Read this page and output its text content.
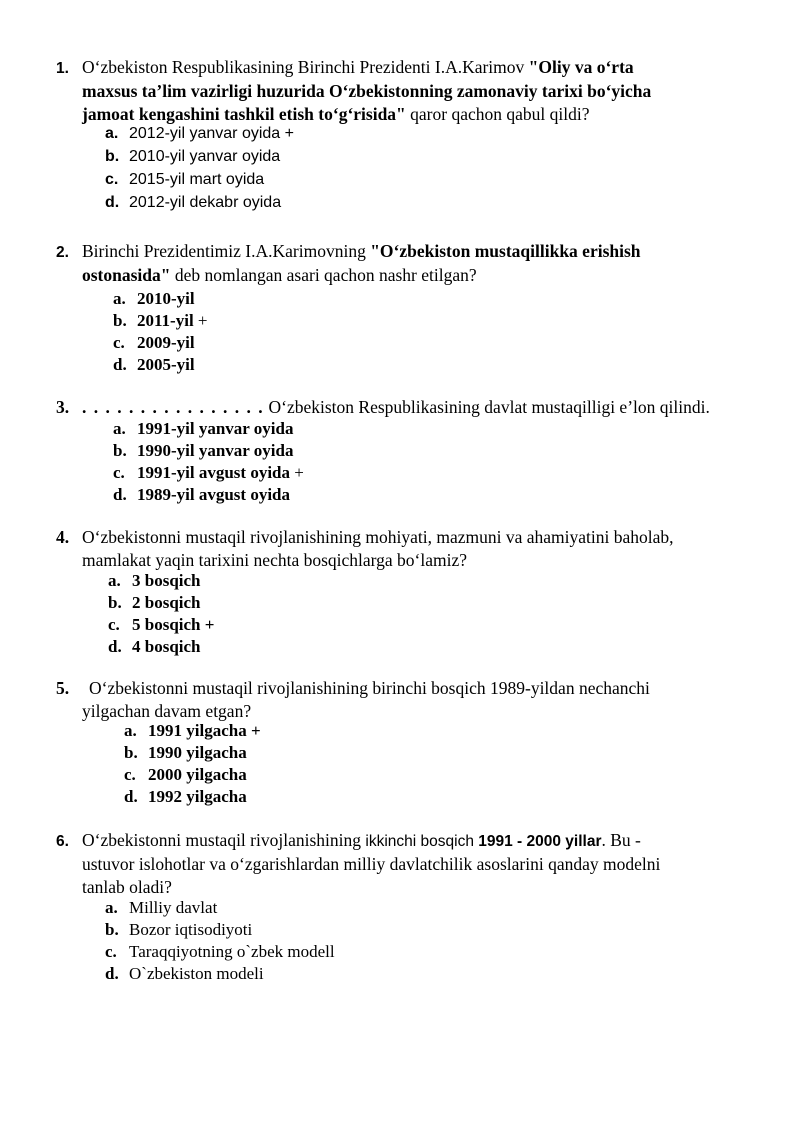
1. O‘zbekiston Respublikasining Birinchi Prezidenti I.A.Karimov "Oliy va o‘rta
maxsus ta’lim vazirligi huzurida O‘zbekistonning zamonaviy tarixi bo‘yicha
jamoat kengashini tashkil etish to‘g‘risida" qaror qachon qabul qildi?
a. 2012-yil yanvar oyida +
b. 2010-yil yanvar oyida
c. 2015-yil mart oyida
d. 2012-yil dekabr oyida
2. Birinchi Prezidentimiz I.A.Karimovning "O‘zbekiston mustaqillikka erishish
ostonasida" deb nomlangan asari qachon nashr etilgan?
a. 2010-yil
b. 2011-yil +
c. 2009-yil
d. 2005-yil
3. . . . . . . . . . . . . . . . . O‘zbekiston Respublikasining davlat mustaqilligi e’lon qilindi.
a. 1991-yil yanvar oyida
b. 1990-yil yanvar oyida
c. 1991-yil avgust oyida +
d. 1989-yil avgust oyida
4. O‘zbekistonni mustaqil rivojlanishining mohiyati, mazmuni va ahamiyatini baholab,
mamlakat yaqin tarixini nechta bosqichlarga bo‘lamiz?
a. 3 bosqich
b. 2 bosqich
c. 5 bosqich +
d. 4 bosqich
5. O‘zbekistonni mustaqil rivojlanishining birinchi bosqich 1989-yildan nechanchi
yilgachan davam etgan?
a. 1991 yilgacha +
b. 1990 yilgacha
c. 2000 yilgacha
d. 1992 yilgacha
6. O‘zbekistonni mustaqil rivojlanishining ikkinchi bosqich 1991 - 2000 yillar. Bu -
ustuvor islohotlar va o‘zgarishlardan milliy davlatchilik asoslarini qanday modelni
tanlab oladi?
a. Milliy davlat
b. Bozor iqtisodiyoti
c. Taraqqiyotning o`zbek modell
d. O`zbekiston modeli
